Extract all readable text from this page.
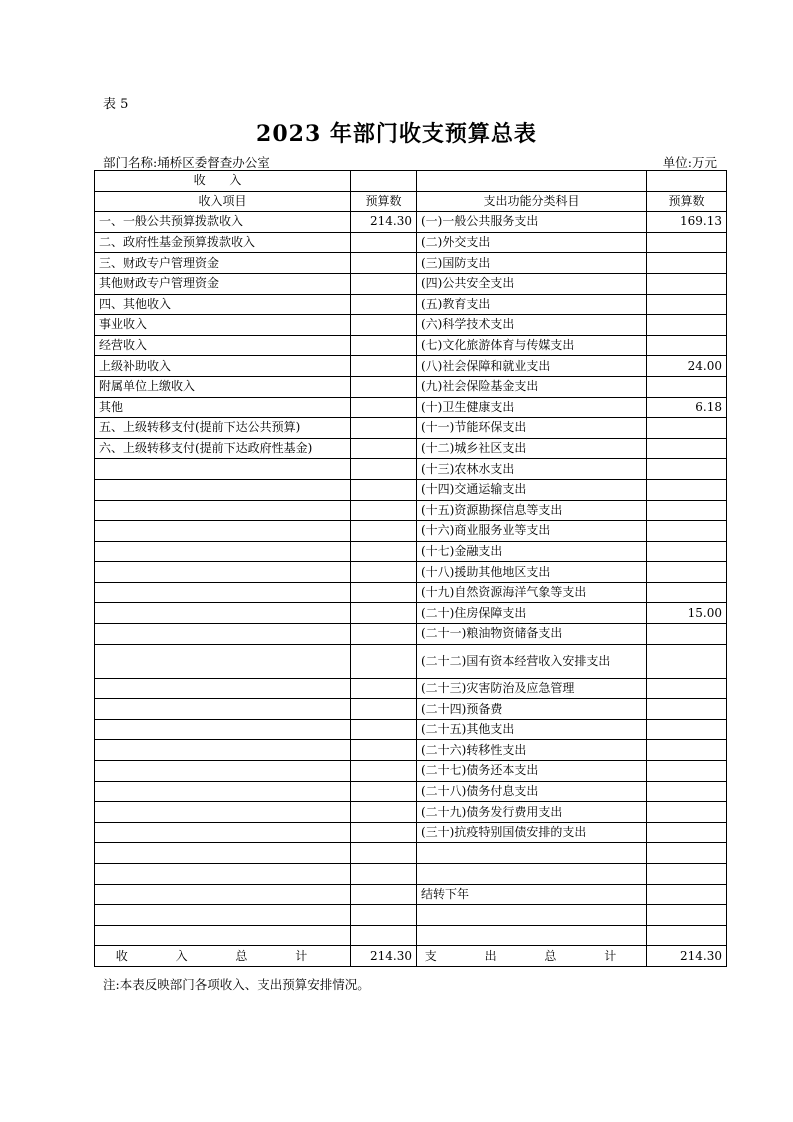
表 5
2023 年部门收支预算总表
部门名称:埇桥区委督查办公室	单位:万元
收 入			
收入项目	预算数	支出功能分类科目	预算数
一、一般公共预算拨款收入	214.30	(一)一般公共服务支出	169.13
二、政府性基金预算拨款收入		(二)外交支出	
三、财政专户管理资金		(三)国防支出	
其他财政专户管理资金		(四)公共安全支出	
四、其他收入		(五)教育支出	
事业收入		(六)科学技术支出	
经营收入		(七)文化旅游体育与传媒支出	
上级补助收入		(八)社会保障和就业支出	24.00
附属单位上缴收入		(九)社会保险基金支出	
其他		(十)卫生健康支出	6.18
五、上级转移支付(提前下达公共预算)		(十一)节能环保支出	
六、上级转移支付(提前下达政府性基金)		(十二)城乡社区支出	
		(十三)农林水支出	
		(十四)交通运输支出	
		(十五)资源勘探信息等支出	
		(十六)商业服务业等支出	
		(十七)金融支出	
		(十八)援助其他地区支出	
		(十九)自然资源海洋气象等支出	
		(二十)住房保障支出	15.00
		(二十一)粮油物资储备支出	
		(二十二)国有资本经营收入安排支出	
		(二十三)灾害防治及应急管理	
		(二十四)预备费	
		(二十五)其他支出	
		(二十六)转移性支出	
		(二十七)债务还本支出	
		(二十八)债务付息支出	
		(二十九)债务发行费用支出	
		(三十)抗疫特别国债安排的支出	

		结转下年	

收 入 总 计	214.30	支 出 总 计	214.30
注:本表反映部门各项收入、支出预算安排情况。
